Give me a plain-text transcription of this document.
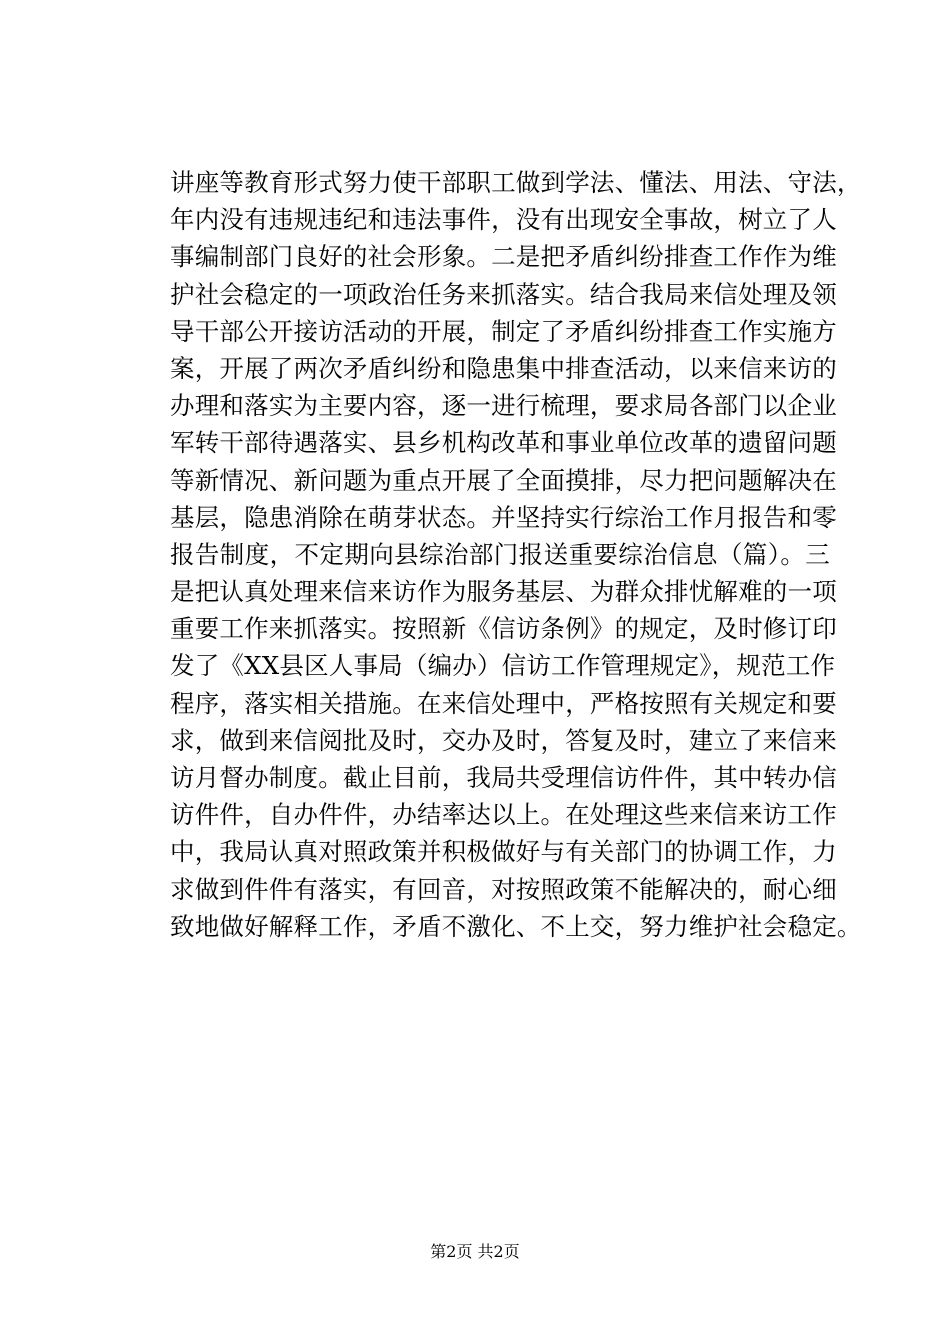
讲座等教育形式努力使干部职工做到学法、懂法、用法、守法，
年内没有违规违纪和违法事件，没有出现安全事故，树立了人
事编制部门良好的社会形象。二是把矛盾纠纷排查工作作为维
护社会稳定的一项政治任务来抓落实。结合我局来信处理及领
导干部公开接访活动的开展，制定了矛盾纠纷排查工作实施方
案，开展了两次矛盾纠纷和隐患集中排查活动，以来信来访的
办理和落实为主要内容，逐一进行梳理，要求局各部门以企业
军转干部待遇落实、县乡机构改革和事业单位改革的遗留问题
等新情况、新问题为重点开展了全面摸排，尽力把问题解决在
基层，隐患消除在萌芽状态。并坚持实行综治工作月报告和零
报告制度，不定期向县综治部门报送重要综治信息（篇）。三
是把认真处理来信来访作为服务基层、为群众排忧解难的一项
重要工作来抓落实。按照新《信访条例》的规定，及时修订印
发了《XX县区人事局（编办）信访工作管理规定》，规范工作
程序，落实相关措施。在来信处理中，严格按照有关规定和要
求，做到来信阅批及时，交办及时，答复及时，建立了来信来
访月督办制度。截止目前，我局共受理信访件件，其中转办信
访件件，自办件件，办结率达以上。在处理这些来信来访工作
中，我局认真对照政策并积极做好与有关部门的协调工作，力
求做到件件有落实，有回音，对按照政策不能解决的，耐心细
致地做好解释工作，矛盾不激化、不上交，努力维护社会稳定。
第2页 共2页
